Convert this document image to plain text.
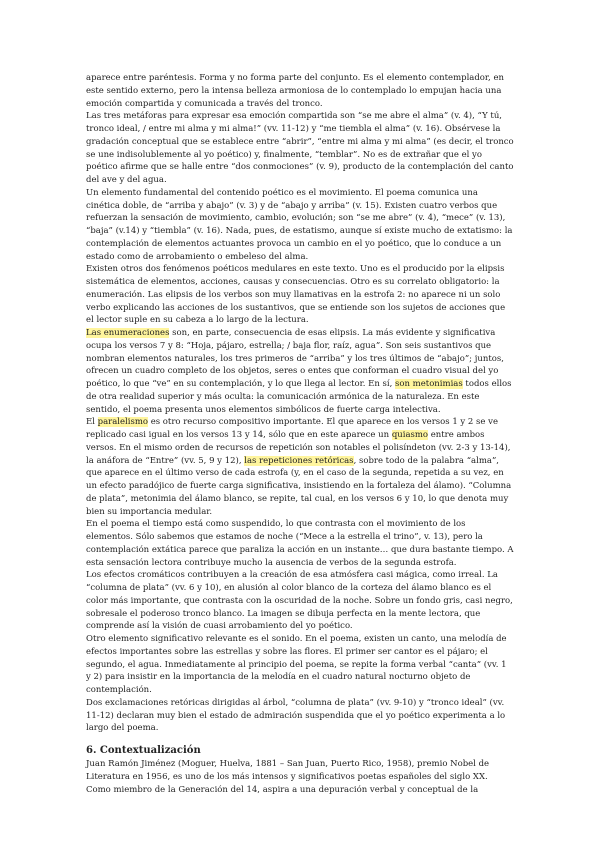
aparece entre paréntesis. Forma y no forma parte del conjunto. Es el elemento contemplador, en este sentido externo, pero la intensa belleza armoniosa de lo contemplado lo empujan hacia una emoción compartida y comunicada a través del tronco.

Las tres metáforas para expresar esa emoción compartida son “se me abre el alma” (v. 4), “Y tú, tronco ideal, / entre mi alma y mi alma!” (vv. 11-12) y “me tiembla el alma” (v. 16). Obsérvese la gradación conceptual que se establece entre “abrir”, “entre mi alma y mi alma” (es decir, el tronco se une indisolublemente al yo poético) y, finalmente, “temblar”. No es de extrañar que el yo poético afirme que se halle entre “dos conmociones” (v. 9), producto de la contemplación del canto del ave y del agua.

Un elemento fundamental del contenido poético es el movimiento. El poema comunica una cinética doble, de “arriba y abajo” (v. 3) y de “abajo y arriba” (v. 15). Existen cuatro verbos que refuerzan la sensación de movimiento, cambio, evolución; son “se me abre” (v. 4), “mece” (v. 13), “baja” (v.14) y “tiembla” (v. 16). Nada, pues, de estatismo, aunque sí existe mucho de extatismo: la contemplación de elementos actuantes provoca un cambio en el yo poético, que lo conduce a un estado como de arrobamiento o embeleso del alma.

Existen otros dos fenómenos poéticos medulares en este texto. Uno es el producido por la elipsis sistemática de elementos, acciones, causas y consecuencias. Otro es su correlato obligatorio: la enumeración. Las elipsis de los verbos son muy llamativas en la estrofa 2: no aparece ni un solo verbo explicando las acciones de los sustantivos, que se entiende son los sujetos de acciones que el lector suple en su cabeza a lo largo de la lectura.

Las enumeraciones son, en parte, consecuencia de esas elipsis. La más evidente y significativa ocupa los versos 7 y 8: “Hoja, pájaro, estrella; / baja flor, raíz, agua”. Son seis sustantivos que nombran elementos naturales, los tres primeros de “arriba” y los tres últimos de “abajo”; juntos, ofrecen un cuadro completo de los objetos, seres o entes que conforman el cuadro visual del yo poético, lo que “ve” en su contemplación, y lo que llega al lector. En sí, son metonimias todos ellos de otra realidad superior y más oculta: la comunicación armónica de la naturaleza. En este sentido, el poema presenta unos elementos simbólicos de fuerte carga intelectiva.

El paralelismo es otro recurso compositivo importante. El que aparece en los versos 1 y 2 se ve replicado casi igual en los versos 13 y 14, sólo que en este aparece un quiasmo entre ambos versos. En el mismo orden de recursos de repetición son notables el polisíndeton (vv. 2-3 y 13-14), la anáfora de “Entre” (vv. 5, 9 y 12), las repeticiones retóricas, sobre todo de la palabra “alma”, que aparece en el último verso de cada estrofa (y, en el caso de la segunda, repetida a su vez, en un efecto paradójico de fuerte carga significativa, insistiendo en la fortaleza del álamo). “Columna de plata”, metonimia del álamo blanco, se repite, tal cual, en los versos 6 y 10, lo que denota muy bien su importancia medular.

En el poema el tiempo está como suspendido, lo que contrasta con el movimiento de los elementos. Sólo sabemos que estamos de noche (“Mece a la estrella el trino”, v. 13), pero la contemplación extática parece que paraliza la acción en un instante… que dura bastante tiempo. A esta sensación lectora contribuye mucho la ausencia de verbos de la segunda estrofa.

Los efectos cromáticos contribuyen a la creación de esa atmósfera casi mágica, como irreal. La “columna de plata” (vv. 6 y 10), en alusión al color blanco de la corteza del álamo blanco es el color más importante, que contrasta con la oscuridad de la noche. Sobre un fondo gris, casi negro, sobresale el poderoso tronco blanco. La imagen se dibuja perfecta en la mente lectora, que comprende así la visión de cuasi arrobamiento del yo poético.

Otro elemento significativo relevante es el sonido. En el poema, existen un canto, una melodía de efectos importantes sobre las estrellas y sobre las flores. El primer ser cantor es el pájaro; el segundo, el agua. Inmediatamente al principio del poema, se repite la forma verbal “canta” (vv. 1 y 2) para insistir en la importancia de la melodía en el cuadro natural nocturno objeto de contemplación.

Dos exclamaciones retóricas dirigidas al árbol, “columna de plata” (vv. 9-10) y “tronco ideal” (vv. 11-12) declaran muy bien el estado de admiración suspendida que el yo poético experimenta a lo largo del poema.

6. Contextualización

Juan Ramón Jiménez (Moguer, Huelva, 1881 – San Juan, Puerto Rico, 1958), premio Nobel de Literatura en 1956, es uno de los más intensos y significativos poetas españoles del siglo XX. Como miembro de la Generación del 14, aspira a una depuración verbal y conceptual de la
